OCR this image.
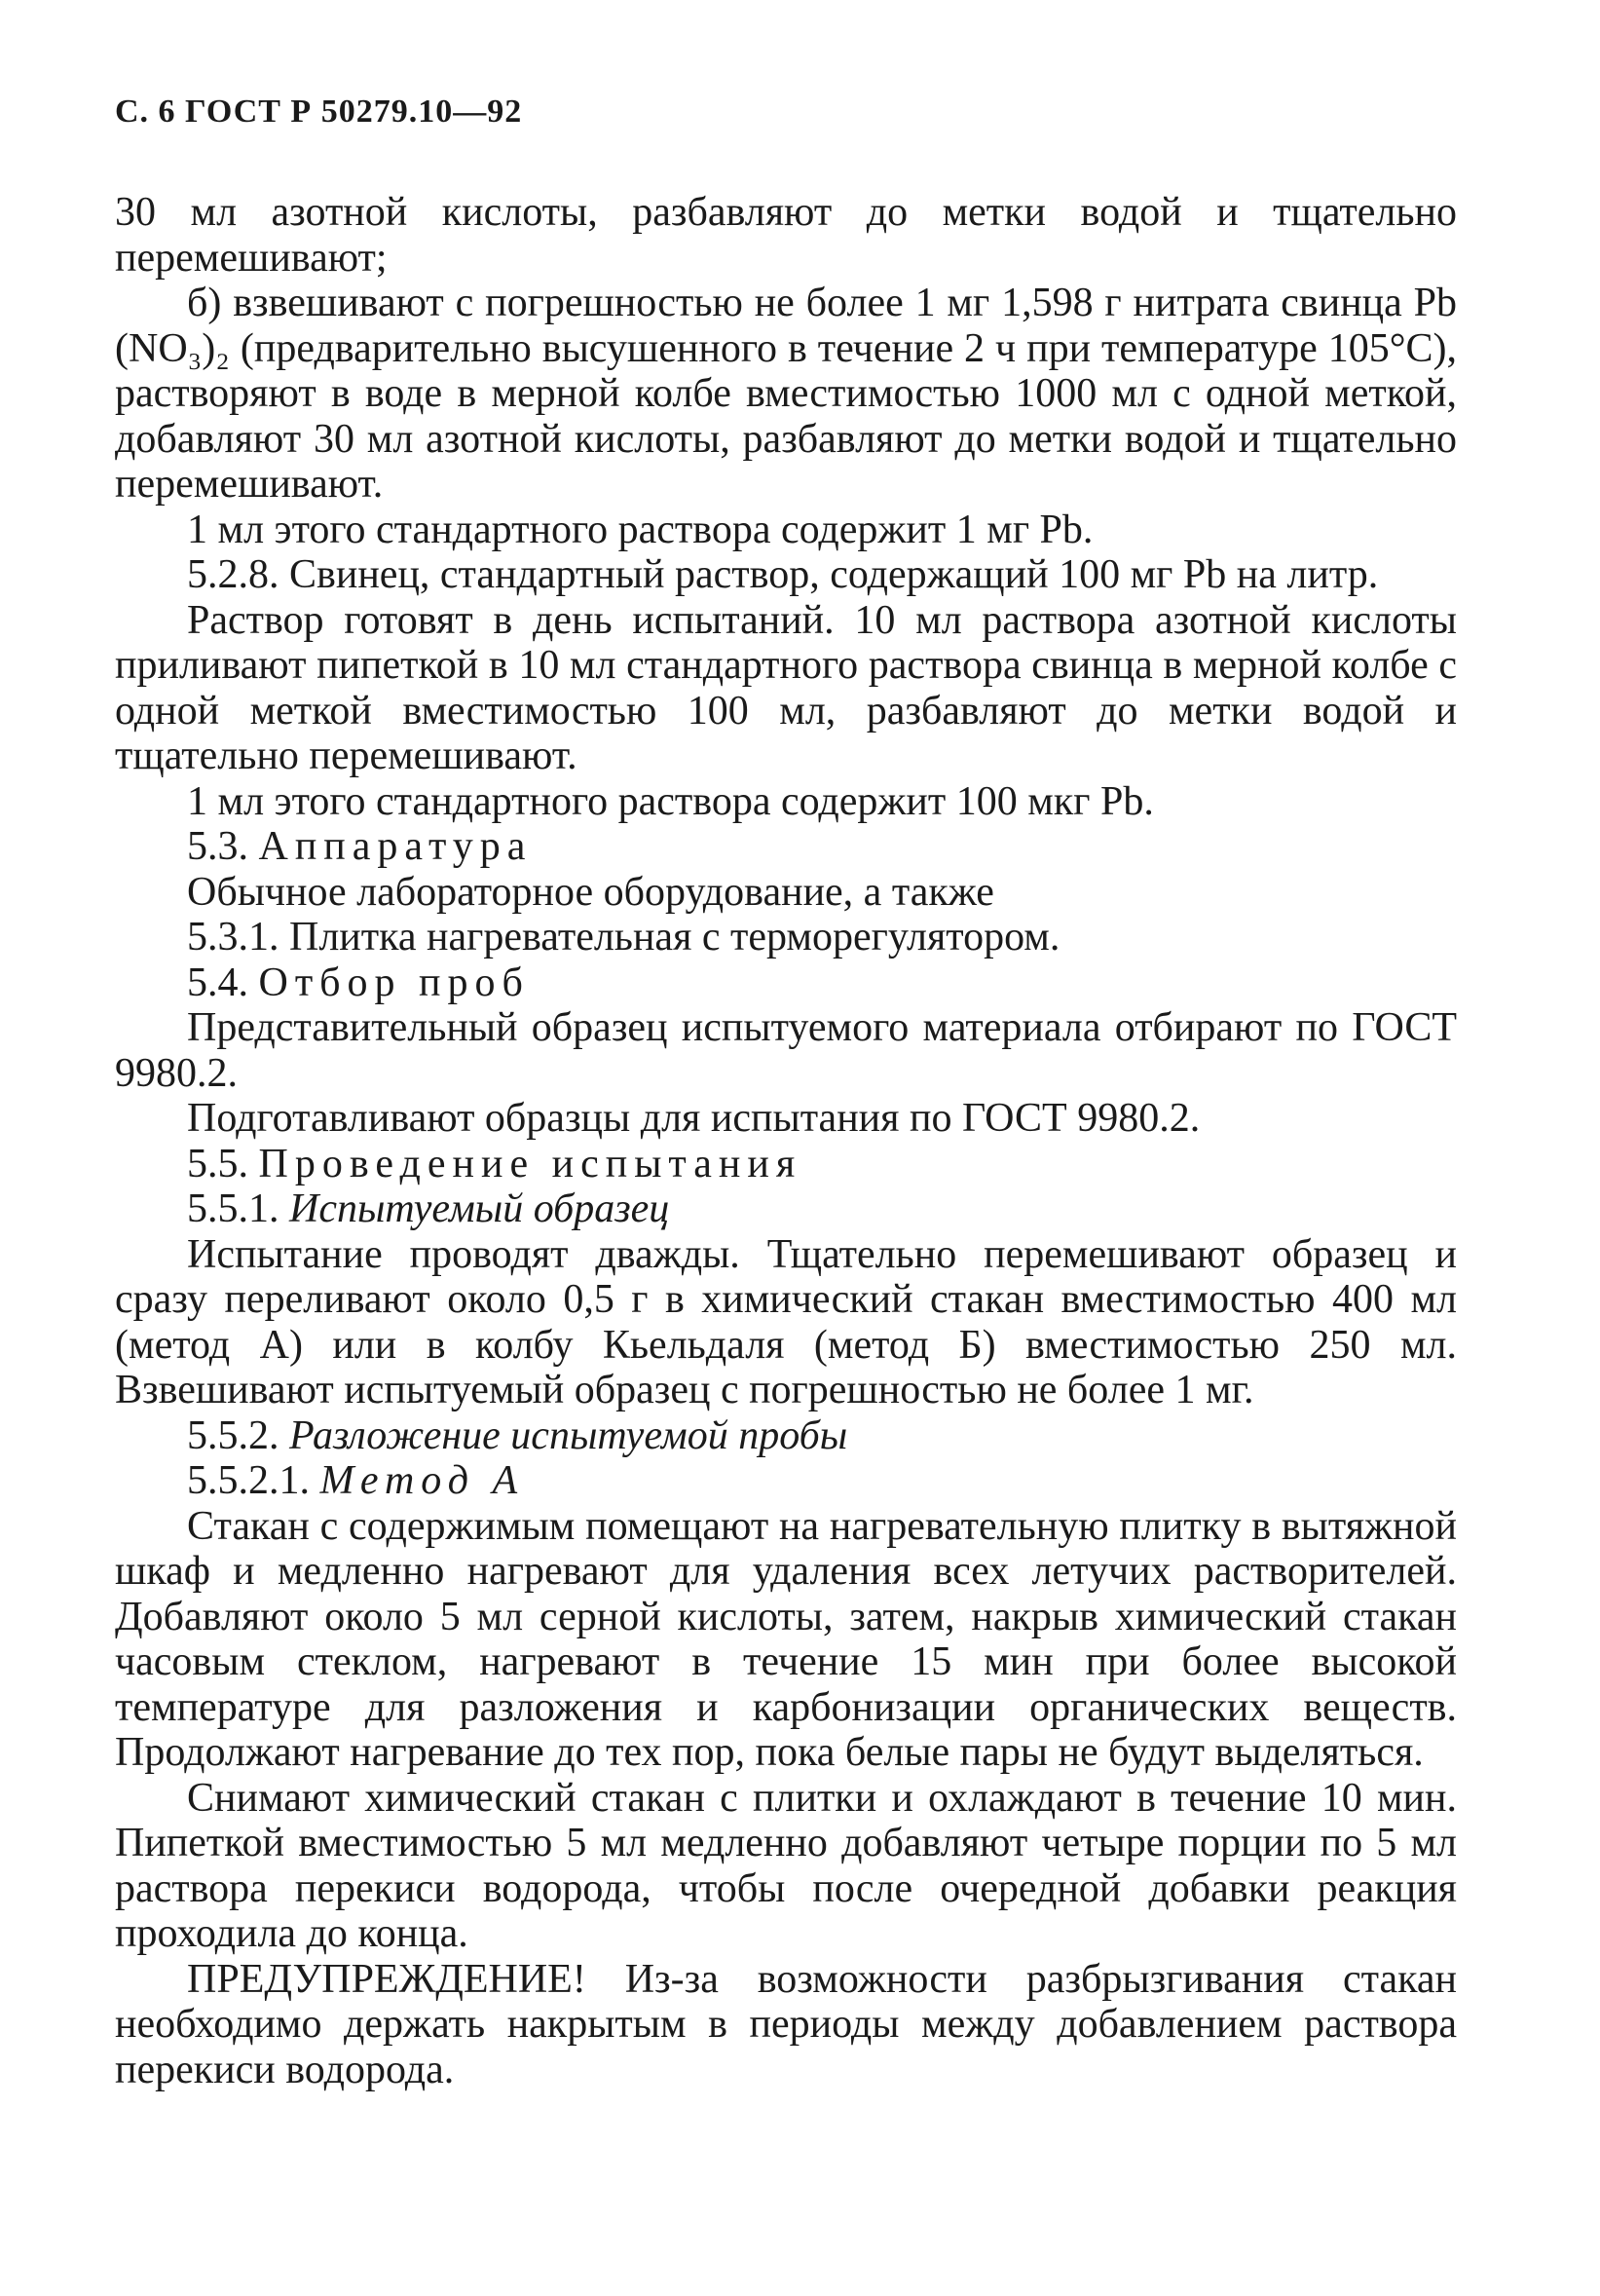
С. 6 ГОСТ Р 50279.10—92

30 мл азотной кислоты, разбавляют до метки водой и тщательно перемешивают;

б) взвешивают с погрешностью не более 1 мг 1,598 г нитрата свинца Pb (NO₃)₂ (предварительно высушенного в течение 2 ч при температуре 105°С), растворяют в воде в мерной колбе вместимостью 1000 мл с одной меткой, добавляют 30 мл азотной кислоты, разбавляют до метки водой и тщательно перемешивают.

1 мл этого стандартного раствора содержит 1 мг Pb.

5.2.8. Свинец, стандартный раствор, содержащий 100 мг Pb на литр.

Раствор готовят в день испытаний. 10 мл раствора азотной кислоты приливают пипеткой в 10 мл стандартного раствора свинца в мерной колбе с одной меткой вместимостью 100 мл, разбавляют до метки водой и тщательно перемешивают.

1 мл этого стандартного раствора содержит 100 мкг Pb.

5.3. Аппаратура

Обычное лабораторное оборудование, а также

5.3.1. Плитка нагревательная с терморегулятором.

5.4. Отбор проб

Представительный образец испытуемого материала отбирают по ГОСТ 9980.2.

Подготавливают образцы для испытания по ГОСТ 9980.2.

5.5. Проведение испытания

5.5.1. Испытуемый образец

Испытание проводят дважды. Тщательно перемешивают образец и сразу переливают около 0,5 г в химический стакан вместимостью 400 мл (метод А) или в колбу Кьельдаля (метод Б) вместимостью 250 мл. Взвешивают испытуемый образец с погрешностью не более 1 мг.

5.5.2. Разложение испытуемой пробы

5.5.2.1. Метод А

Стакан с содержимым помещают на нагревательную плитку в вытяжной шкаф и медленно нагревают для удаления всех летучих растворителей. Добавляют около 5 мл серной кислоты, затем, накрыв химический стакан часовым стеклом, нагревают в течение 15 мин при более высокой температуре для разложения и карбонизации органических веществ. Продолжают нагревание до тех пор, пока белые пары не будут выделяться.

Снимают химический стакан с плитки и охлаждают в течение 10 мин. Пипеткой вместимостью 5 мл медленно добавляют четыре порции по 5 мл раствора перекиси водорода, чтобы после очередной добавки реакция проходила до конца.

ПРЕДУПРЕЖДЕНИЕ! Из-за возможности разбрызгивания стакан необходимо держать накрытым в периоды между добавлением раствора перекиси водорода.
